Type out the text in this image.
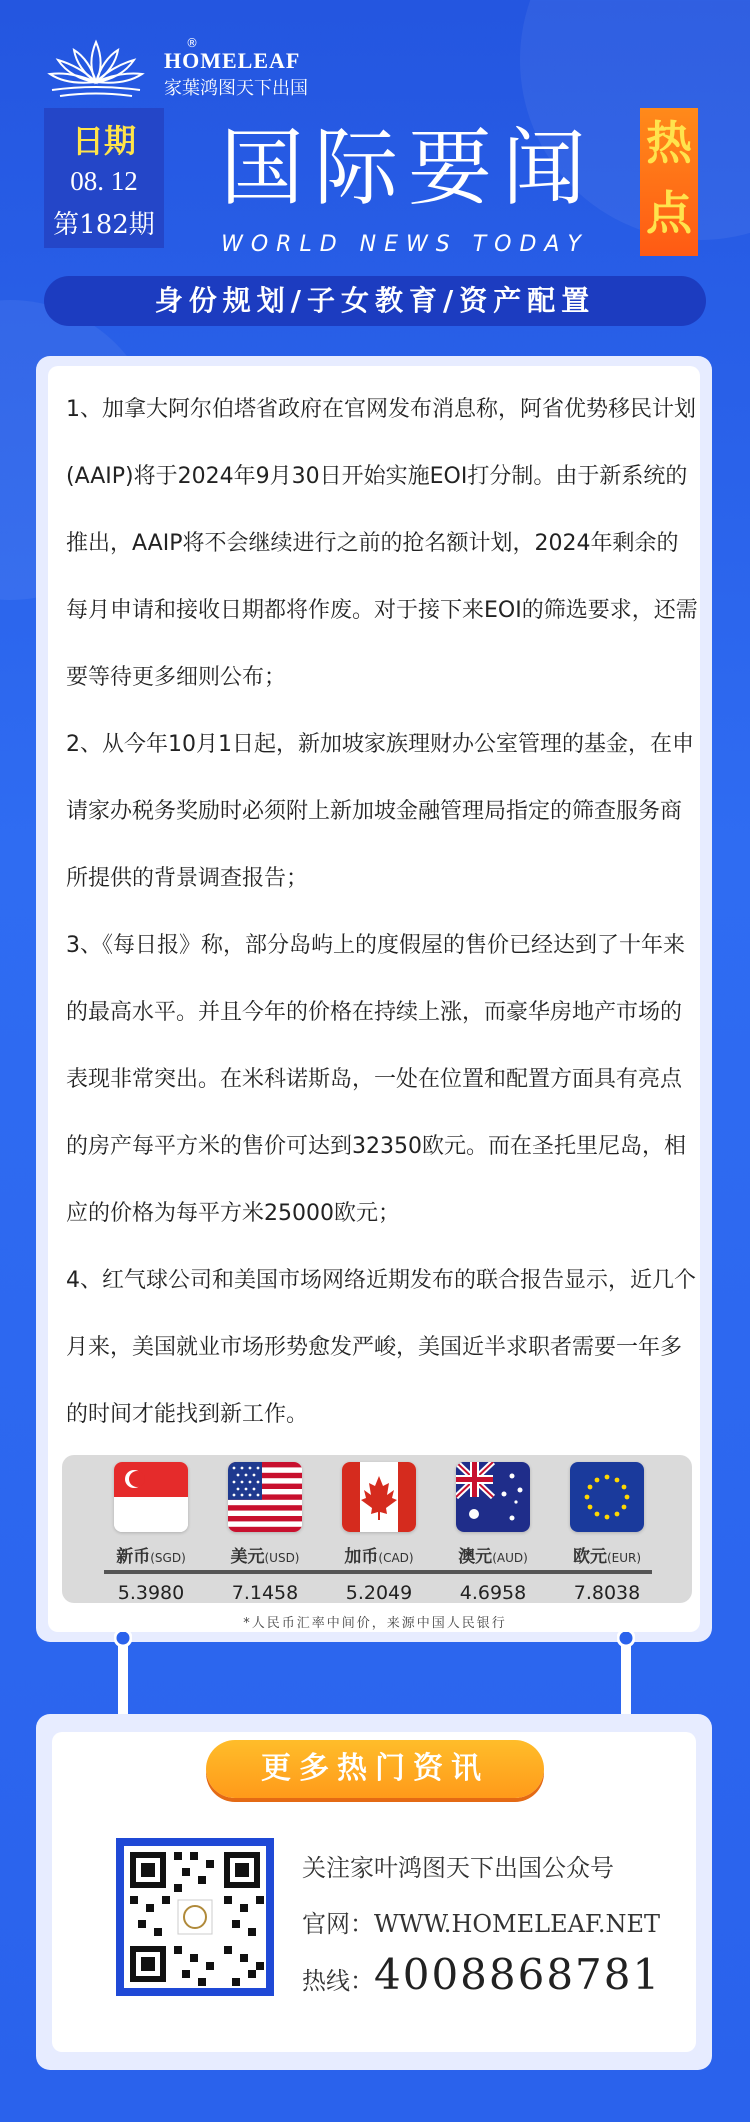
®
HOMELEAF
家葉鸿图天下出国
日期
08. 12
第182期
国际要闻
WORLD NEWS TODAY
热
点
身份规划/子女教育/资产配置

1、加拿大阿尔伯塔省政府在官网发布消息称，阿省优势移民计划(AAIP)将于2024年9月30日开始实施EOI打分制。由于新系统的推出，AAIP将不会继续进行之前的抢名额计划，2024年剩余的每月申请和接收日期都将作废。对于接下来EOI的筛选要求，还需要等待更多细则公布；

2、从今年10月1日起，新加坡家族理财办公室管理的基金，在申请家办税务奖励时必须附上新加坡金融管理局指定的筛查服务商所提供的背景调查报告；

3、《每日报》称，部分岛屿上的度假屋的售价已经达到了十年来的最高水平。并且今年的价格在持续上涨，而豪华房地产市场的表现非常突出。在米科诺斯岛，一处在位置和配置方面具有亮点的房产每平方米的售价可达到32350欧元。而在圣托里尼岛，相应的价格为每平方米25000欧元；

4、红气球公司和美国市场网络近期发布的联合报告显示，近几个月来，美国就业市场形势愈发严峻，美国近半求职者需要一年多的时间才能找到新工作。

新币(SGD)	美元(USD)	加币(CAD)	澳元(AUD)	欧元(EUR)
5.3980	7.1458	5.2049	4.6958	7.8038
*人民币汇率中间价，来源中国人民银行
更多热门资讯
关注家叶鸿图天下出国公众号
官网：WWW.HOMELEAF.NET
热线：4008868781
